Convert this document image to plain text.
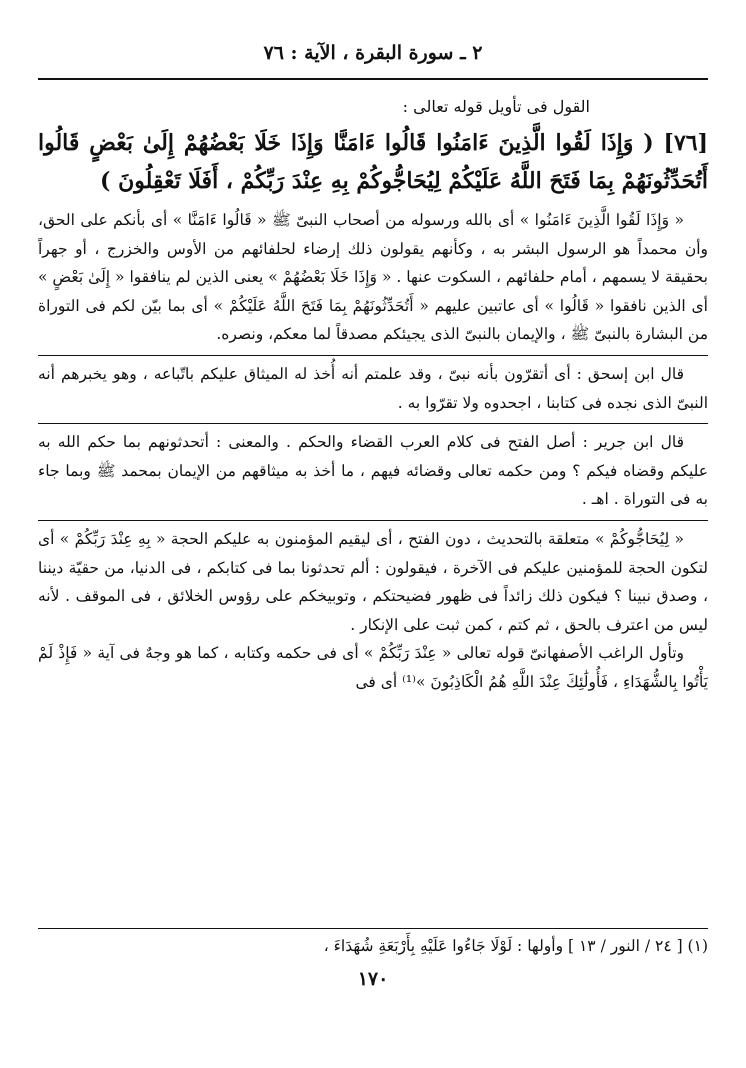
٢ ـ سورة البقرة ، الآية : ٧٦

القول فى تأويل قوله تعالى :

[٧٦] ( وَإِذَا لَقُوا الَّذِينَ ءَامَنُوا قَالُوا ءَامَنَّا وَإِذَا خَلَا بَعْضُهُمْ إِلَىٰ بَعْضٍ قَالُوا أَتُحَدِّثُونَهُمْ بِمَا فَتَحَ اللَّهُ عَلَيْكُمْ لِيُحَاجُّوكُمْ بِهِ عِنْدَ رَبِّكُمْ ، أَفَلَا تَعْقِلُونَ )

« وَإِذَا لَقُوا الَّذِينَ ءَامَنُوا » أى بالله ورسوله من أصحاب النبىّ ﷺ « قَالُوا ءَامَنَّا » أى بأنكم على الحق، وأن محمداً هو الرسول البشر به ، وكأنهم يقولون ذلك إرضاء لحلفائهم من الأوس والخزرج ، أو جهراً بحقيقة لا يسمهم ، أمام حلفائهم ، السكوت عنها . « وَإِذَا خَلَا بَعْضُهُمْ » يعنى الذين لم ينافقوا « إِلَىٰ بَعْضٍ » أى الذين نافقوا « قَالُوا » أى عاتبين عليهم « أَتُحَدِّثُونَهُمْ بِمَا فَتَحَ اللَّهُ عَلَيْكُمْ » أى بما بيّن لكم فى التوراة من البشارة بالنبىّ ﷺ ، والإيمان بالنبىّ الذى يجيئكم مصدقاً لما معكم، ونصره.

قال ابن إسحق : أى أتقرّون بأنه نبىّ ، وقد علمتم أنه أُخذ له الميثاق عليكم باتّباعه ، وهو يخبرهم أنه النبىّ الذى نجده فى كتابنا ، اجحدوه ولا تقرّوا به .

قال ابن جرير : أصل الفتح فى كلام العرب القضاء والحكم . والمعنى : أتحدثونهم بما حكم الله به عليكم وقضاه فيكم ؟ ومن حكمه تعالى وقضائه فيهم ، ما أخذ به ميثاقهم من الإيمان بمحمد ﷺ وبما جاء به فى التوراة . اهـ .

« لِيُحَاجُّوكُمْ » متعلقة بالتحديث ، دون الفتح ، أى ليقيم المؤمنون به عليكم الحجة « بِهِ عِنْدَ رَبِّكُمْ » أى لتكون الحجة للمؤمنين عليكم فى الآخرة ، فيقولون : ألم تحدثونا بما فى كتابكم ، فى الدنيا، من حقيّة ديننا ، وصدق نبينا ؟ فيكون ذلك زائداً فى ظهور فضيحتكم ، وتوبيخكم على رؤوس الخلائق ، فى الموقف . لأنه ليس من اعترف بالحق ، ثم كتم ، كمن ثبت على الإنكار .

وتأول الراغب الأصفهانىّ قوله تعالى « عِنْدَ رَبِّكُمْ » أى فى حكمه وكتابه ، كما هو وجهٌ فى آية « فَإِذْ لَمْ يَأْتُوا بِالشُّهَدَاءِ ، فَأُولَٰئِكَ عِنْدَ اللَّهِ هُمُ الْكَاذِبُونَ »⁽¹⁾ أى فى

(١) [ ٢٤ / النور / ١٣ ] وأولها : لَوْلَا جَاءُوا عَلَيْهِ بِأَرْبَعَةِ شُهَدَاءَ ،
١٧٠
